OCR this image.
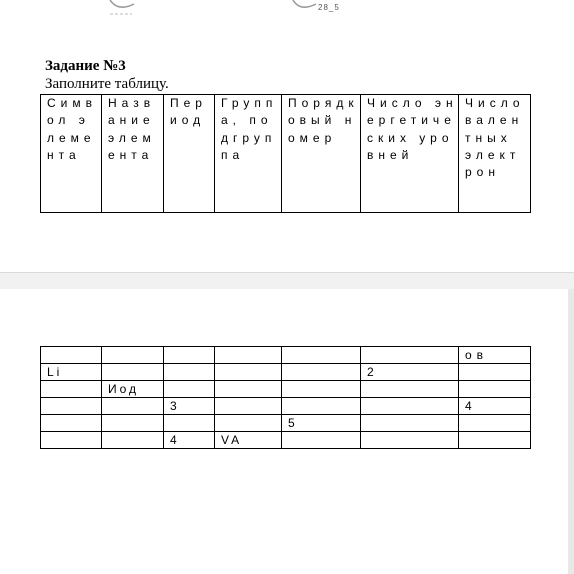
28_5
Задание №3
Заполните таблицу.
Символ элемента	Название элемента	Период	Группа, подгруппа	Порядковый номер	Число энергетических уровней	Число валентных электрон
						ов
Li					2	
	Иод					
		3				4
				5		
		4	VA			
